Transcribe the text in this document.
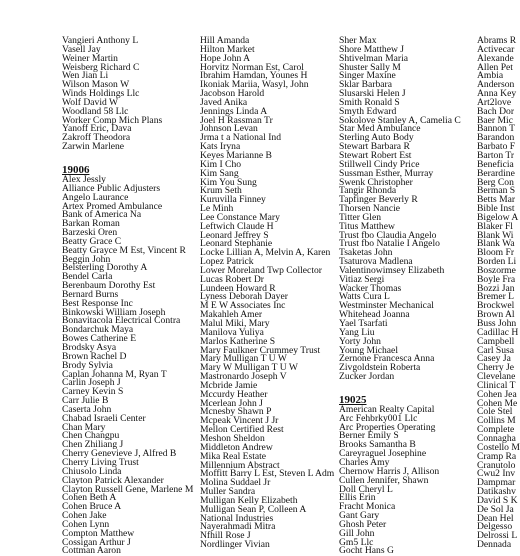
Vangieri Anthony L
Vasell Jay
Weiner Martin
Weisberg Richard C
Wen Jian Li
Wilson Mason W
Winds Holdings Llc
Wolf David W
Woodland 58 Llc
Worker Comp Mich Plans
Yanoff Eric, Dava
Zakroff Theodora
Zarwin Marlene
19006
Alex Jessly
Alliance Public Adjusters
Angelo Laurance
Artex Promed Ambulance
Bank of America Na
Barkan Roman
Barzeski Oren
Beatty Grace C
Beatty Grayce M Est, Vincent R
Beggin John
Belsterling Dorothy A
Bendel Carla
Berenbaum Dorothy Est
Bernard Burns
Best Response Inc
Binkowski William Joseph
Bonavitacola Electrical Contra
Bondarchuk Maya
Bowes Catherine E
Brodsky Asya
Brown Rachel D
Brody Sylvia
Caplan Johanna M, Ryan T
Carlin Joseph J
Carney Kevin S
Carr Julie B
Caserta John
Chabad Israeli Center
Chan Mary
Chen Changpu
Chen Zhiliang J
Cherry Genevieve J, Alfred B
Cherry Living Trust
Chiusolo Linda
Clayton Patrick Alexander
Clayton Russell Gene, Marlene M
Cohen Beth A
Cohen Bruce A
Cohen Jake
Cohen Lynn
Compton Matthew
Cossigan Arthur J
Cottman Aaron
Hill Amanda
Hilton Market
Hope John A
Horvitz Norman Est, Carol
Ibrahim Hamdan, Younes H
Ikoniak Mariia, Wasyl, John
Jacobson Harold
Javed Anika
Jennings Linda A
Joel H Rassman Tr
Johnson Levan
Jrma t a National Ind
Kats Iryna
Keyes Marianne B
Kim I Cho
Kim Sang
Kim You Sung
Krum Seth
Kuruvilla Finney
Le Minh
Lee Constance Mary
Leftwich Claude H
Leonard Jeffrey S
Leonard Stephanie
Locke Lillian A, Melvin A, Karen
Lopez Patrick
Lower Moreland Twp Collector
Lucas Robert Dr
Lundeen Howard R
Lyness Deborah Dayer
M E W Associates Inc
Makahleh Amer
Malul Miki, Mary
Manilova Yuliya
Marlos Katherine S
Mary Faulkner Crummey Trust
Mary Mulligan T U W
Mary W Mulligan T U W
Mastronardo Joseph V
Mcbride Jamie
Mccurdy Heather
Mcerlean John J
Mcnesby Shawn P
Mcpeak Vincent J Jr
Mellon Certified Rest
Meshon Sheldon
Middleton Andrew
Mika Real Estate
Millennium Abstract
Moffitt Barry L Est, Steven L Adm
Molina Suddael Jr
Muller Sandra
Mulligan Kelly Elizabeth
Mulligan Sean P, Colleen A
National Industries
Nayerahmadi Mitra
Nfhill Rose J
Nordlinger Vivian
Sher Max
Shore Matthew J
Shtivelman Maria
Shuster Sally M
Singer Maxine
Sklar Barbara
Slusarski Helen J
Smith Ronald S
Smyth Edward
Sokolove Stanley A, Camelia C
Star Med Ambulance
Sterling Auto Body
Stewart Barbara R
Stewart Robert Est
Stillwell Cindy Price
Sussman Esther, Murray
Swenk Christopher
Tangir Rhonda
Tapfinger Beverly R
Thorsen Nancie
Titter Glen
Titus Matthew
Trust fbo Claudia Angelo
Trust fbo Natalie I Angelo
Tsaketas John
Tsaturova Madlena
Valentinowimsey Elizabeth
Vitiaz Sergi
Wacker Thomas
Watts Cura L
Westminster Mechanical
Whitehead Joanna
Yael Tsarfati
Yang Liu
Yorty John
Young Michael
Zernone Francesca Anna
Zivgoldstein Roberta
Zucker Jordan
19025
American Realty Capital
Arc Fehbrky001 Llc
Arc Properties Operating
Berner Emily S
Brooks Samantha B
Careyraguel Josephine
Charles Amy
Chernow Harris J, Allison
Cullen Jennifer, Shawn
Doll Cheryl L
Ellis Erin
Fracht Monica
Gant Gary
Ghosh Peter
Gill John
Gm5 Llc
Gocht Hans G
Abrams R
Activecar
Alexande
Allen Pet
Ambia
Anderson
Anna Key
Art2love
Bach Dor
Baer Mic
Bannon T
Barandon
Barbato F
Barton Tr
Beneficia
Berardine
Berg Con
Berman S
Betts Mar
Bible Inst
Bigelow A
Blaker Fl
Blank Wi
Blank Wa
Bloom Fr
Borden Li
Boszorme
Boyle Fra
Bozzi Jan
Bremer L
Brockwel
Brown Al
Buss John
Cadillac H
Campbell
Carl Susa
Casey Ja
Cherry Je
Clevelane
Clinical T
Cohen Jea
Cohen Me
Cole Stel
Collins M
Complete
Connagha
Costello M
Cramp Ra
Cranutolo
Cwu2 Inv
Dampmar
Datikashv
David S K
De Sol Ja
Dean Hel
Delgesso
Delrossi L
Dennada
